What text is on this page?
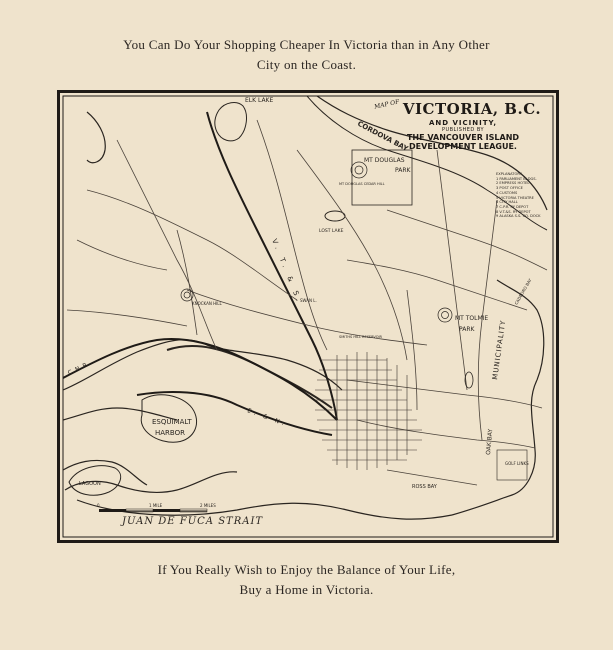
You Can Do Your Shopping Cheaper In Victoria than in Any Other
City on the Coast.
0	1 MILE	2 MILES
ELK LAKE
CORDOVA BAY
MT DOUGLAS
PARK
MT DOUGLAS CEDAR HILL
LOST LAKE
V. T. & S.
KNOCKAN HILL
SWAN L.
SMITHS HILL RESERVOIR
MT TOLMIE
PARK MUNICIPALITY
C. N. R.
E. & N.
ESQUIMALT
HARBOR
LAGOON
JUAN DE FUCA STRAIT
OAK BAY
GOLF LINKS
ROSS BAY
CADBORO BAY
MAP OF VICTORIA, B.C.
AND VICINITY,
PUBLISHED BY
THE VANCOUVER ISLAND
DEVELOPMENT LEAGUE.
EXPLANATORY
1 PARLIAMENT BLDGS.
2 EMPRESS HOTEL
3 POST OFFICE
4 CUSTOMS
5 VICTORIA THEATRE
6 CITY HALL
7 C.P.R. RY DEPOT
8 V.T.&S. RY DEPOT
9 ALASKA S.S. CO. DOCK
If You Really Wish to Enjoy the Balance of Your Life,
Buy a Home in Victoria.
